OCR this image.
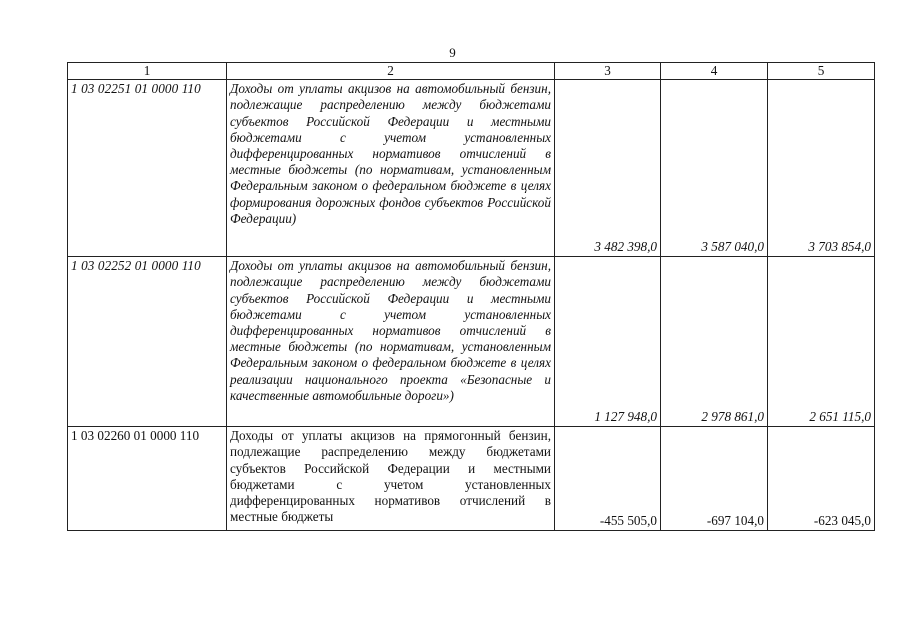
9
1	2	3	4	5
1 03 02251 01 0000 110	Доходы от уплаты акцизов на автомобильный бензин, подлежащие распределению между бюджетами субъектов Российской Федерации и местными бюджетами с учетом установленных дифференцированных нормативов отчислений в местные бюджеты (по нормативам, установленным Федеральным законом о федеральном бюджете в целях формирования дорожных фондов субъектов Российской Федерации)	3 482 398,0	3 587 040,0	3 703 854,0
1 03 02252 01 0000 110	Доходы от уплаты акцизов на автомобильный бензин, подлежащие распределению между бюджетами субъектов Российской Федерации и местными бюджетами с учетом установленных дифференцированных нормативов отчислений в местные бюджеты (по нормативам, установленным Федеральным законом о федеральном бюджете в целях реализации национального проекта «Безопасные и качественные автомобильные дороги»)	1 127 948,0	2 978 861,0	2 651 115,0
1 03 02260 01 0000 110	Доходы от уплаты акцизов на прямогонный бензин, подлежащие распределению между бюджетами субъектов Российской Федерации и местными бюджетами с учетом установленных дифференцированных нормативов отчислений в местные бюджеты	-455 505,0	-697 104,0	-623 045,0
